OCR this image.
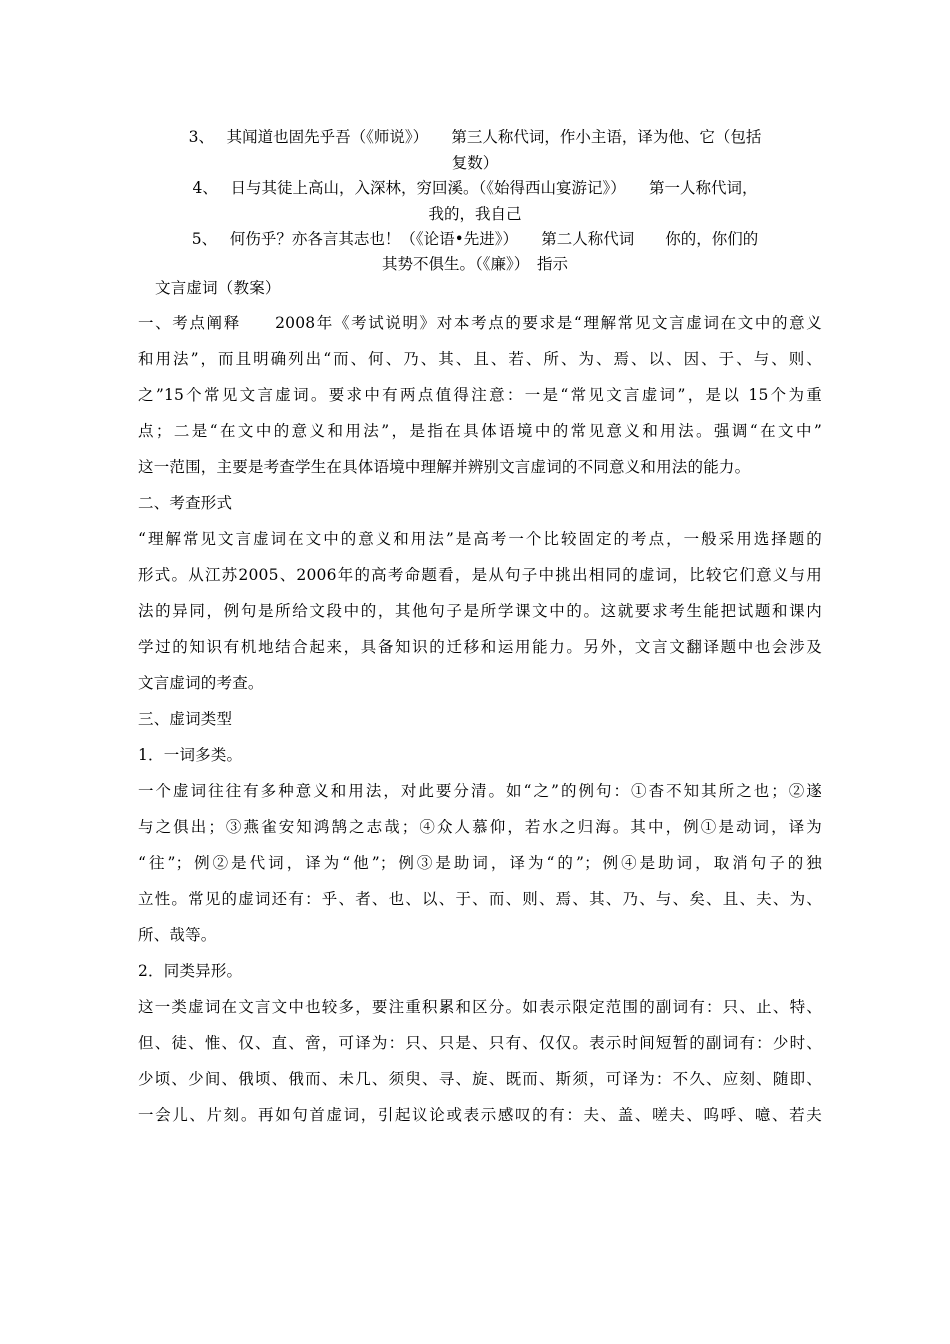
3、　 其闻道也固先乎吾（《师说》）　　第三人称代词，作小主语，译为他、它（包括
复数）
4、　 日与其徒上高山，入深林，穷回溪。（《始得西山宴游记》）　　第一人称代词，
我的，我自己
5、　 何伤乎？亦各言其志也！（《论语•先进》）　　第二人称代词　　你的，你们的
其势不俱生。（《廉》）　指示
文言虚词（教案）
一、考点阐释　　2008年《考试说明》对本考点的要求是“理解常见文言虚词在文中的意义
和用法”，而且明确列出“而、何、乃、其、且、若、所、为、焉、以、因、于、与、则、
之”15个常见文言虚词。要求中有两点值得注意：一是“常见文言虚词”，是以 15个为重
点；二是“在文中的意义和用法”，是指在具体语境中的常见意义和用法。强调“在文中”
这一范围，主要是考查学生在具体语境中理解并辨别文言虚词的不同意义和用法的能力。
二、考查形式
“理解常见文言虚词在文中的意义和用法”是高考一个比较固定的考点，一般采用选择题的
形式。从江苏2005、2006年的高考命题看，是从句子中挑出相同的虚词，比较它们意义与用
法的异同，例句是所给文段中的，其他句子是所学课文中的。这就要求考生能把试题和课内
学过的知识有机地结合起来，具备知识的迁移和运用能力。另外，文言文翻译题中也会涉及
文言虚词的考查。
三、虚词类型
1．一词多类。
一个虚词往往有多种意义和用法，对此要分清。如“之”的例句：①杳不知其所之也；②遂
与之俱出；③燕雀安知鸿鹄之志哉；④众人慕仰，若水之归海。其中，例①是动词，译为
“往”；例②是代词，译为“他”；例③是助词，译为“的”；例④是助词，取消句子的独
立性。常见的虚词还有：乎、者、也、以、于、而、则、焉、其、乃、与、矣、且、夫、为、
所、哉等。
2．同类异形。
这一类虚词在文言文中也较多，要注重积累和区分。如表示限定范围的副词有：只、止、特、
但、徒、惟、仅、直、啻，可译为：只、只是、只有、仅仅。表示时间短暂的副词有：少时、
少顷、少间、俄顷、俄而、未几、须臾、寻、旋、既而、斯须，可译为：不久、应刻、随即、
一会儿、片刻。再如句首虚词，引起议论或表示感叹的有：夫、盖、嗟夫、呜呼、噫、若夫
